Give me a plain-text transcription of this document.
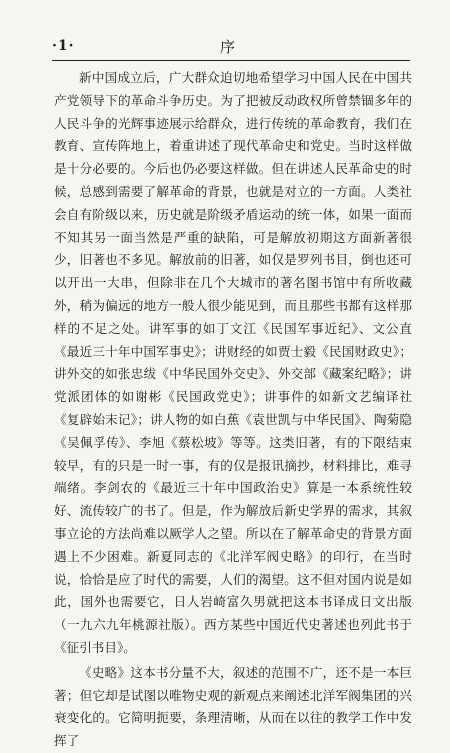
·1·	序

新中国成立后，广大群众迫切地希望学习中国人民在中国共产党领导下的革命斗争历史。为了把被反动政权所曾禁锢多年的人民斗争的光辉事迹展示给群众，进行传统的革命教育，我们在教育、宣传阵地上，着重讲述了现代革命史和党史。当时这样做是十分必要的。今后也仍必要这样做。但在讲述人民革命史的时候，总感到需要了解革命的背景，也就是对立的一方面。人类社会自有阶级以来，历史就是阶级矛盾运动的统一体，如果一面而不知其另一面当然是严重的缺陷，可是解放初期这方面新著很少，旧著也不多见。解放前的旧著，如仅是罗列书目，倒也还可以开出一大串，但除非在几个大城市的著名图书馆中有所收藏外，稍为偏远的地方一般人很少能见到，而且那些书都有这样那样的不足之处。讲军事的如丁文江《民国军事近纪》、文公直《最近三十年中国军事史》；讲财经的如贾士毅《民国财政史》；讲外交的如张忠绂《中华民国外交史》、外交部《藏案纪略》；讲党派团体的如谢彬《民国政党史》；讲事件的如新文艺编译社《复辟始末记》；讲人物的如白蕉《袁世凯与中华民国》、陶菊隐《吴佩孚传》、李旭《蔡松坡》等等。这类旧著，有的下限结束较早，有的只是一时一事，有的仅是报讯摘抄，材料排比，难寻端绪。李剑农的《最近三十年中国政治史》算是一本系统性较好、流传较广的书了。但是，作为解放后新史学界的需求，其叙事立论的方法尚难以厥学人之望。所以在了解革命史的背景方面遇上不少困难。新夏同志的《北洋军阀史略》的印行，在当时说，恰恰是应了时代的需要，人们的渴望。这不但对国内说是如此，国外也需要它，日人岩崎富久男就把这本书译成日文出版（一九六九年桃源社版）。西方某些中国近代史著述也列此书于《征引书目》。

《史略》这本书分量不大，叙述的范围不广，还不是一本巨著；但它却是试图以唯物史观的新观点来阐述北洋军阀集团的兴衰变化的。它简明扼要，条理清晰，从而在以往的教学工作中发挥了
